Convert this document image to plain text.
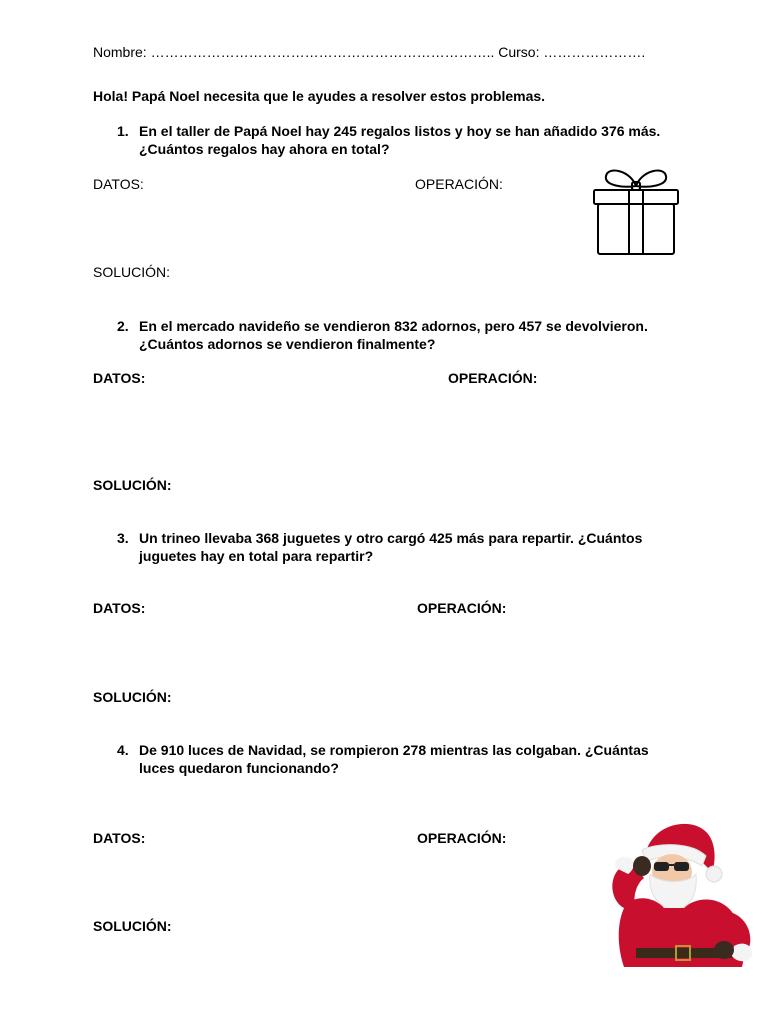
Nombre: ……………………………………………………………….. Curso: ………………….
Hola! Papá Noel necesita que le ayudes a resolver estos problemas.
1. En el taller de Papá Noel hay 245 regalos listos y hoy se han añadido 376 más. ¿Cuántos regalos hay ahora en total?
DATOS:	OPERACIÓN:
SOLUCIÓN:
2. En el mercado navideño se vendieron 832 adornos, pero 457 se devolvieron. ¿Cuántos adornos se vendieron finalmente?
DATOS:	OPERACIÓN:
SOLUCIÓN:
3. Un trineo llevaba 368 juguetes y otro cargó 425 más para repartir. ¿Cuántos juguetes hay en total para repartir?
DATOS:	OPERACIÓN:
SOLUCIÓN:
4. De 910 luces de Navidad, se rompieron 278 mientras las colgaban. ¿Cuántas luces quedaron funcionando?
DATOS:	OPERACIÓN:
SOLUCIÓN:
